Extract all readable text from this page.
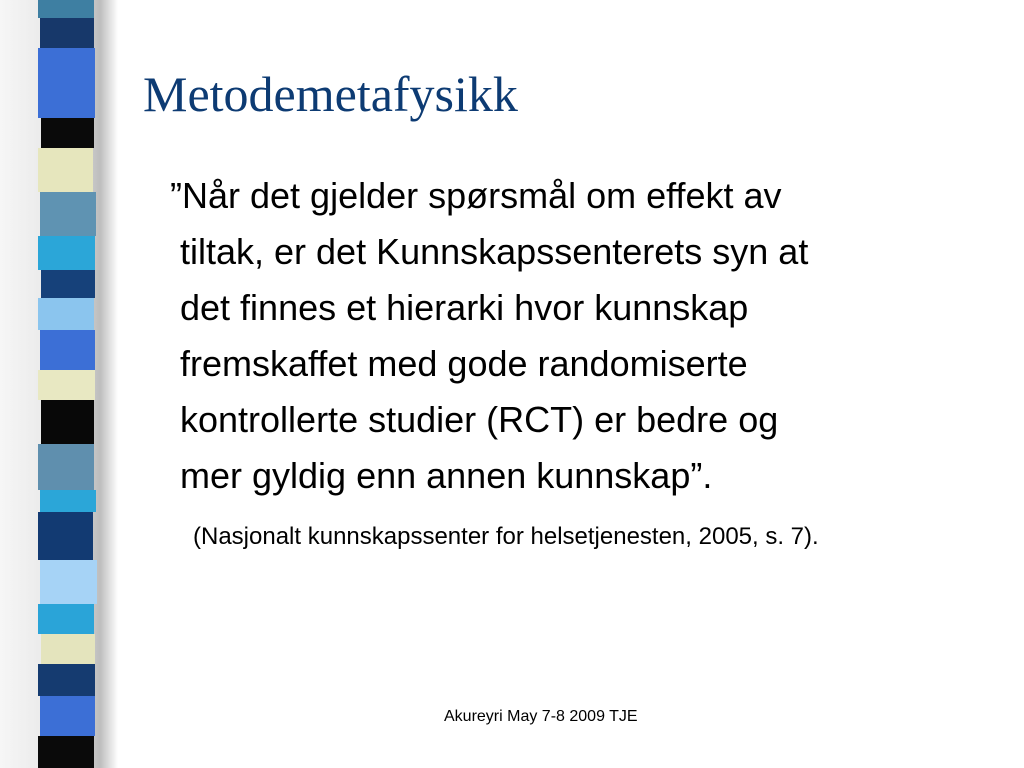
Metodemetafysikk

”Når det gjelder spørsmål om effekt av
tiltak, er det Kunnskapssenterets syn at
det finnes et hierarki hvor kunnskap
fremskaffet med gode randomiserte
kontrollerte studier (RCT) er bedre og
mer gyldig enn annen kunnskap”.

(Nasjonalt kunnskapssenter for helsetjenesten, 2005, s. 7).

Akureyri May 7-8 2009 TJE
